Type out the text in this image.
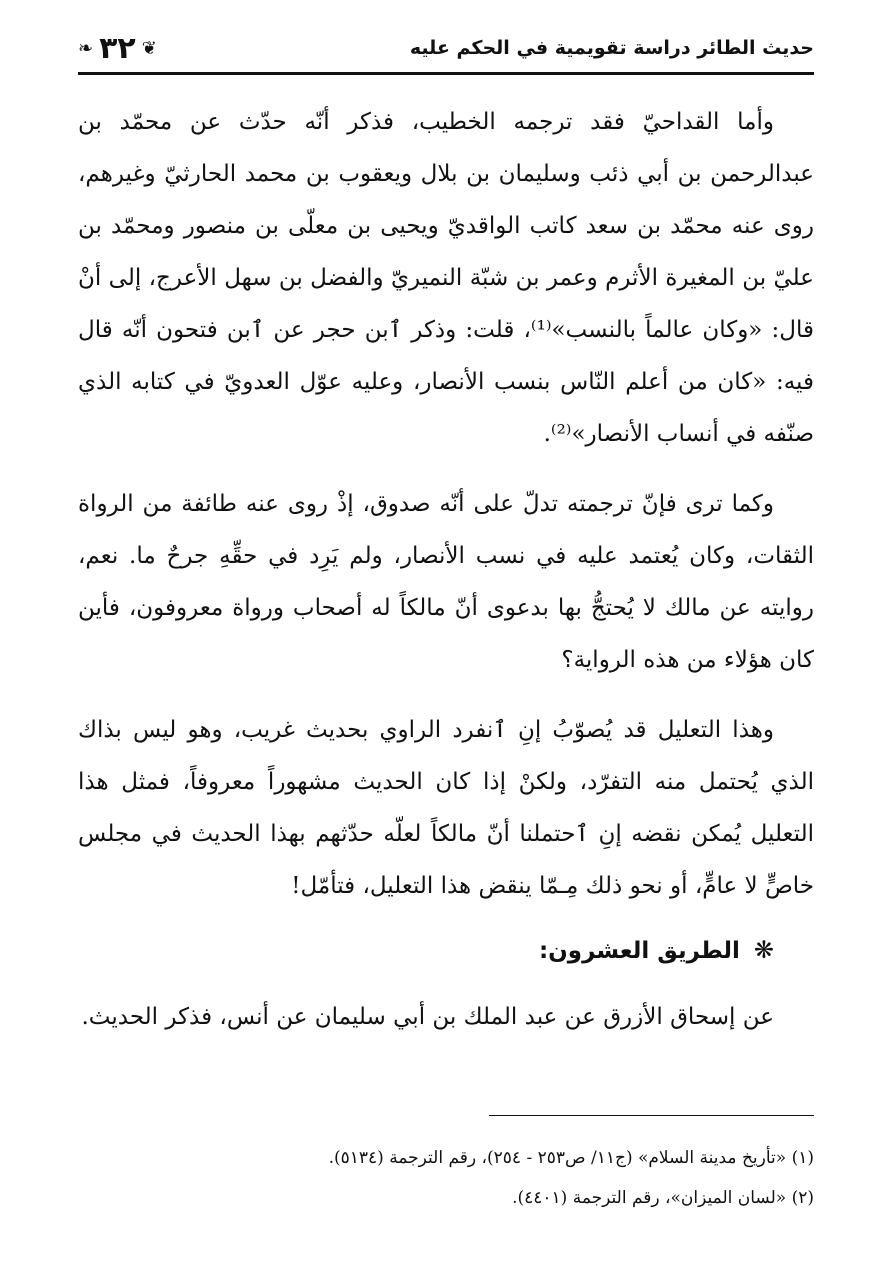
حديث الطائر دراسة تقويمية في الحكم عليه
❦
٣٢
❧

وأما القداحيّ فقد ترجمه الخطيب، فذكر أنّه حدّث عن محمّد بن عبدالرحمن بن أبي ذئب وسليمان بن بلال ويعقوب بن محمد الحارثيّ وغيرهم، روى عنه محمّد بن سعد كاتب الواقديّ ويحيى بن معلّى بن منصور ومحمّد بن عليّ بن المغيرة الأثرم وعمر بن شبّة النميريّ والفضل بن سهل الأعرج، إلى أنْ قال: «وكان عالماً بالنسب»⁽¹⁾، قلت: وذكر ٱبن حجر عن ٱبن فتحون أنّه قال فيه: «كان من أعلم النّاس بنسب الأنصار، وعليه عوّل العدويّ في كتابه الذي صنّفه في أنساب الأنصار»⁽²⁾.

وكما ترى فإنّ ترجمته تدلّ على أنّه صدوق، إذْ روى عنه طائفة من الرواة الثقات، وكان يُعتمد عليه في نسب الأنصار، ولم يَرِد في حقِّهِ جرحٌ ما. نعم، روايته عن مالك لا يُحتجُّ بها بدعوى أنّ مالكاً له أصحاب ورواة معروفون، فأين كان هؤلاء من هذه الرواية؟

وهذا التعليل قد يُصوّبُ إنِ ٱنفرد الراوي بحديث غريب، وهو ليس بذاك الذي يُحتمل منه التفرّد، ولكنْ إذا كان الحديث مشهوراً معروفاً، فمثل هذا التعليل يُمكن نقضه إنِ ٱحتملنا أنّ مالكاً لعلّه حدّثهم بهذا الحديث في مجلس خاصٍّ لا عامٍّ، أو نحو ذلك مِـمّا ينقض هذا التعليل، فتأمّل!

❋الطريق العشرون:

عن إسحاق الأزرق عن عبد الملك بن أبي سليمان عن أنس، فذكر الحديث.

(١) «تأريخ مدينة السلام» (ج١١/ ص٢٥٣ - ٢٥٤)، رقم الترجمة (٥١٣٤).
(٢) «لسان الميزان»، رقم الترجمة (٤٤٠١).
